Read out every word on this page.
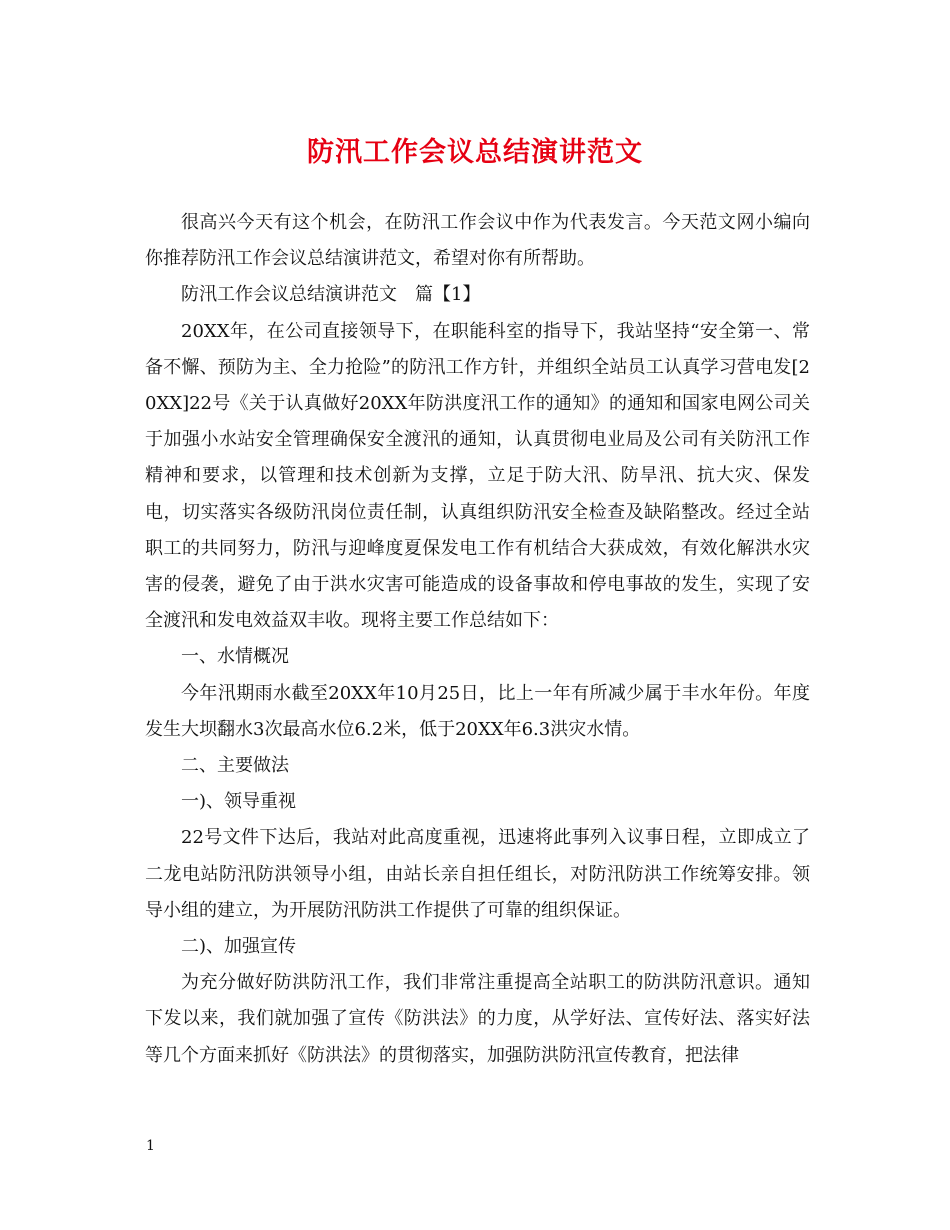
防汛工作会议总结演讲范文

很高兴今天有这个机会，在防汛工作会议中作为代表发言。今天范文网小编向你推荐防汛工作会议总结演讲范文，希望对你有所帮助。

防汛工作会议总结演讲范文　篇【1】

20XX年，在公司直接领导下，在职能科室的指导下，我站坚持“安全第一、常备不懈、预防为主、全力抢险”的防汛工作方针，并组织全站员工认真学习营电发[20XX]22号《关于认真做好20XX年防洪度汛工作的通知》的通知和国家电网公司关于加强小水站安全管理确保安全渡汛的通知，认真贯彻电业局及公司有关防汛工作精神和要求，以管理和技术创新为支撑，立足于防大汛、防旱汛、抗大灾、保发电，切实落实各级防汛岗位责任制，认真组织防汛安全检查及缺陷整改。经过全站职工的共同努力，防汛与迎峰度夏保发电工作有机结合大获成效，有效化解洪水灾害的侵袭，避免了由于洪水灾害可能造成的设备事故和停电事故的发生，实现了安全渡汛和发电效益双丰收。现将主要工作总结如下：

一、水情概况

今年汛期雨水截至20XX年10月25日，比上一年有所减少属于丰水年份。年度发生大坝翻水3次最高水位6.2米，低于20XX年6.3洪灾水情。

二、主要做法

一)、领导重视

22号文件下达后，我站对此高度重视，迅速将此事列入议事日程，立即成立了二龙电站防汛防洪领导小组，由站长亲自担任组长，对防汛防洪工作统筹安排。领导小组的建立，为开展防汛防洪工作提供了可靠的组织保证。

二)、加强宣传

为充分做好防洪防汛工作，我们非常注重提高全站职工的防洪防汛意识。通知下发以来，我们就加强了宣传《防洪法》的力度，从学好法、宣传好法、落实好法等几个方面来抓好《防洪法》的贯彻落实，加强防洪防汛宣传教育，把法律

1
